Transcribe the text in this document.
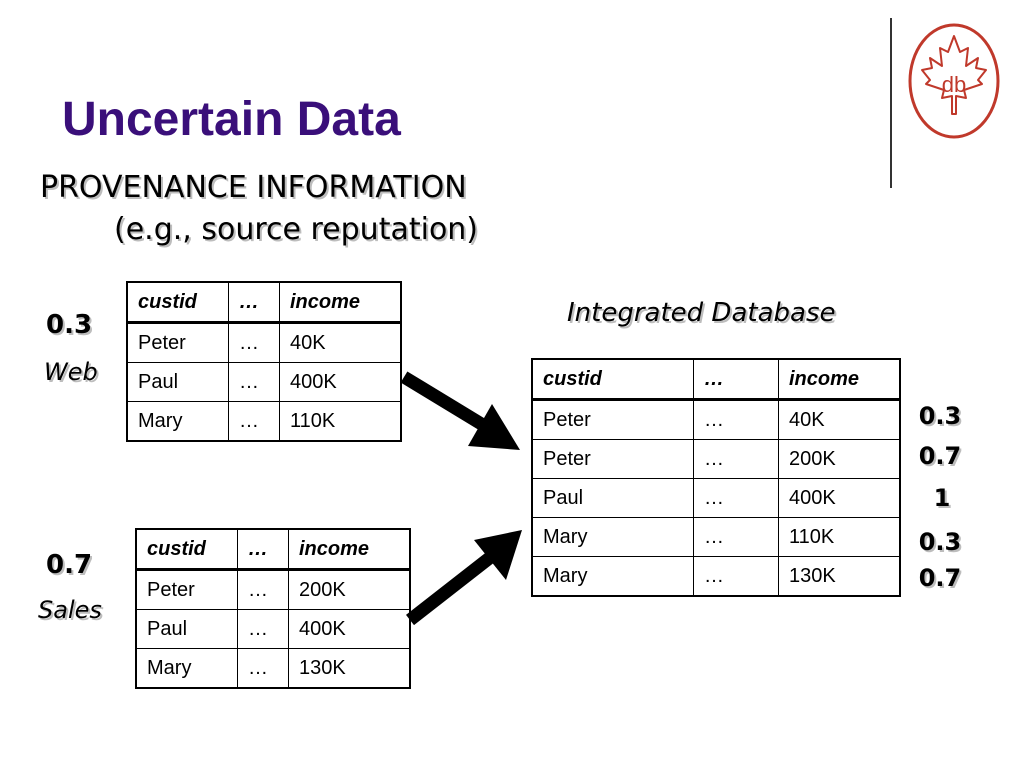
Uncertain Data
PROVENANCE INFORMATION
(e.g., source reputation)
db
0.3
Web
custid	…	income
Peter	…	40K
Paul	…	400K
Mary	…	110K
0.7
Sales
custid	…	income
Peter	…	200K
Paul	…	400K
Mary	…	130K
Integrated Database
custid	…	income
Peter	…	40K
Peter	…	200K
Paul	…	400K
Mary	…	110K
Mary	…	130K
0.3
0.7
1
0.3
0.7
